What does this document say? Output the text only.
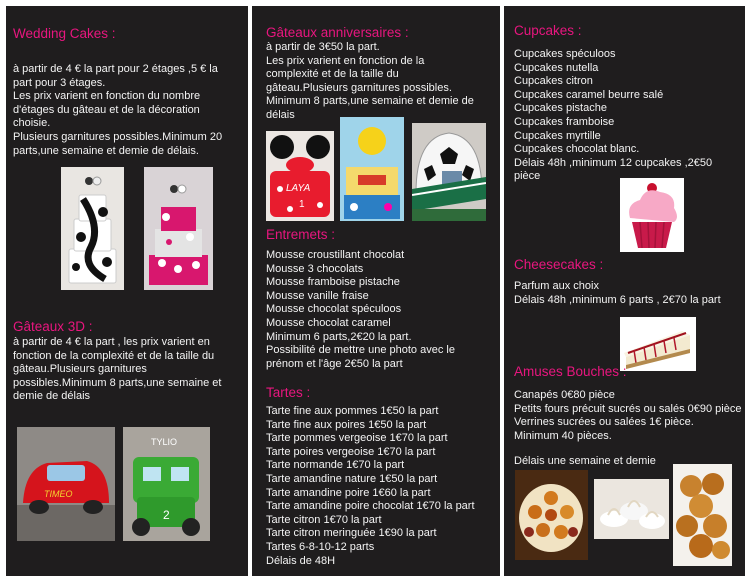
Wedding Cakes :
à partir de 4 € la part pour 2 étages ,5 € la
part pour 3 étages.
Les prix varient en fonction du nombre
d'étages du gâteau et de la décoration
choisie.
Plusieurs garnitures possibles.Minimum 20
parts,une semaine et demie de délais.
Gâteaux 3D :
à partir de 4 € la part , les prix varient en
fonction de la complexité et de la taille du
gâteau.Plusieurs garnitures
possibles.Minimum 8 parts,une semaine et
demie de délais
TIMEO
TYLIO
2
Gâteaux anniversaires :
à partir de 3€50 la part.
Les prix varient en fonction de la
complexité et de la taille du
gâteau.Plusieurs garnitures possibles.
Minimum 8 parts,une semaine et demie de
délais
LAYA
1
Entremets :
Mousse croustillant chocolat
Mousse 3 chocolats
Mousse framboise pistache
Mousse vanille fraise
Mousse chocolat spéculoos
Mousse chocolat caramel
Minimum 6 parts,2€20 la part.
Possibilité de mettre une photo avec le
prénom et l'âge 2€50 la part
Tartes :
Tarte fine aux pommes 1€50 la part
Tarte fine aux poires 1€50 la part
Tarte pommes vergeoise 1€70 la part
Tarte poires vergeoise 1€70 la part
Tarte normande 1€70 la part
Tarte amandine nature 1€50 la part
Tarte amandine poire 1€60 la part
Tarte amandine poire chocolat 1€70 la part
Tarte citron 1€70 la part
Tarte citron meringuée 1€90 la part
Tartes 6-8-10-12 parts
Délais de 48H
Cupcakes :
Cupcakes spéculoos
Cupcakes nutella
Cupcakes citron
Cupcakes caramel beurre salé
Cupcakes pistache
Cupcakes framboise
Cupcakes myrtille
Cupcakes chocolat blanc.
Délais 48h ,minimum 12 cupcakes ,2€50
pièce
Cheesecakes :
Parfum aux choix
Délais 48h ,minimum 6 parts , 2€70 la part
Amuses Bouches :
Canapés 0€80 pièce
Petits fours précuit sucrés ou salés 0€90 pièce
Verrines sucrées ou salées 1€ pièce.
Minimum 40 pièces.
Délais une semaine et demie
